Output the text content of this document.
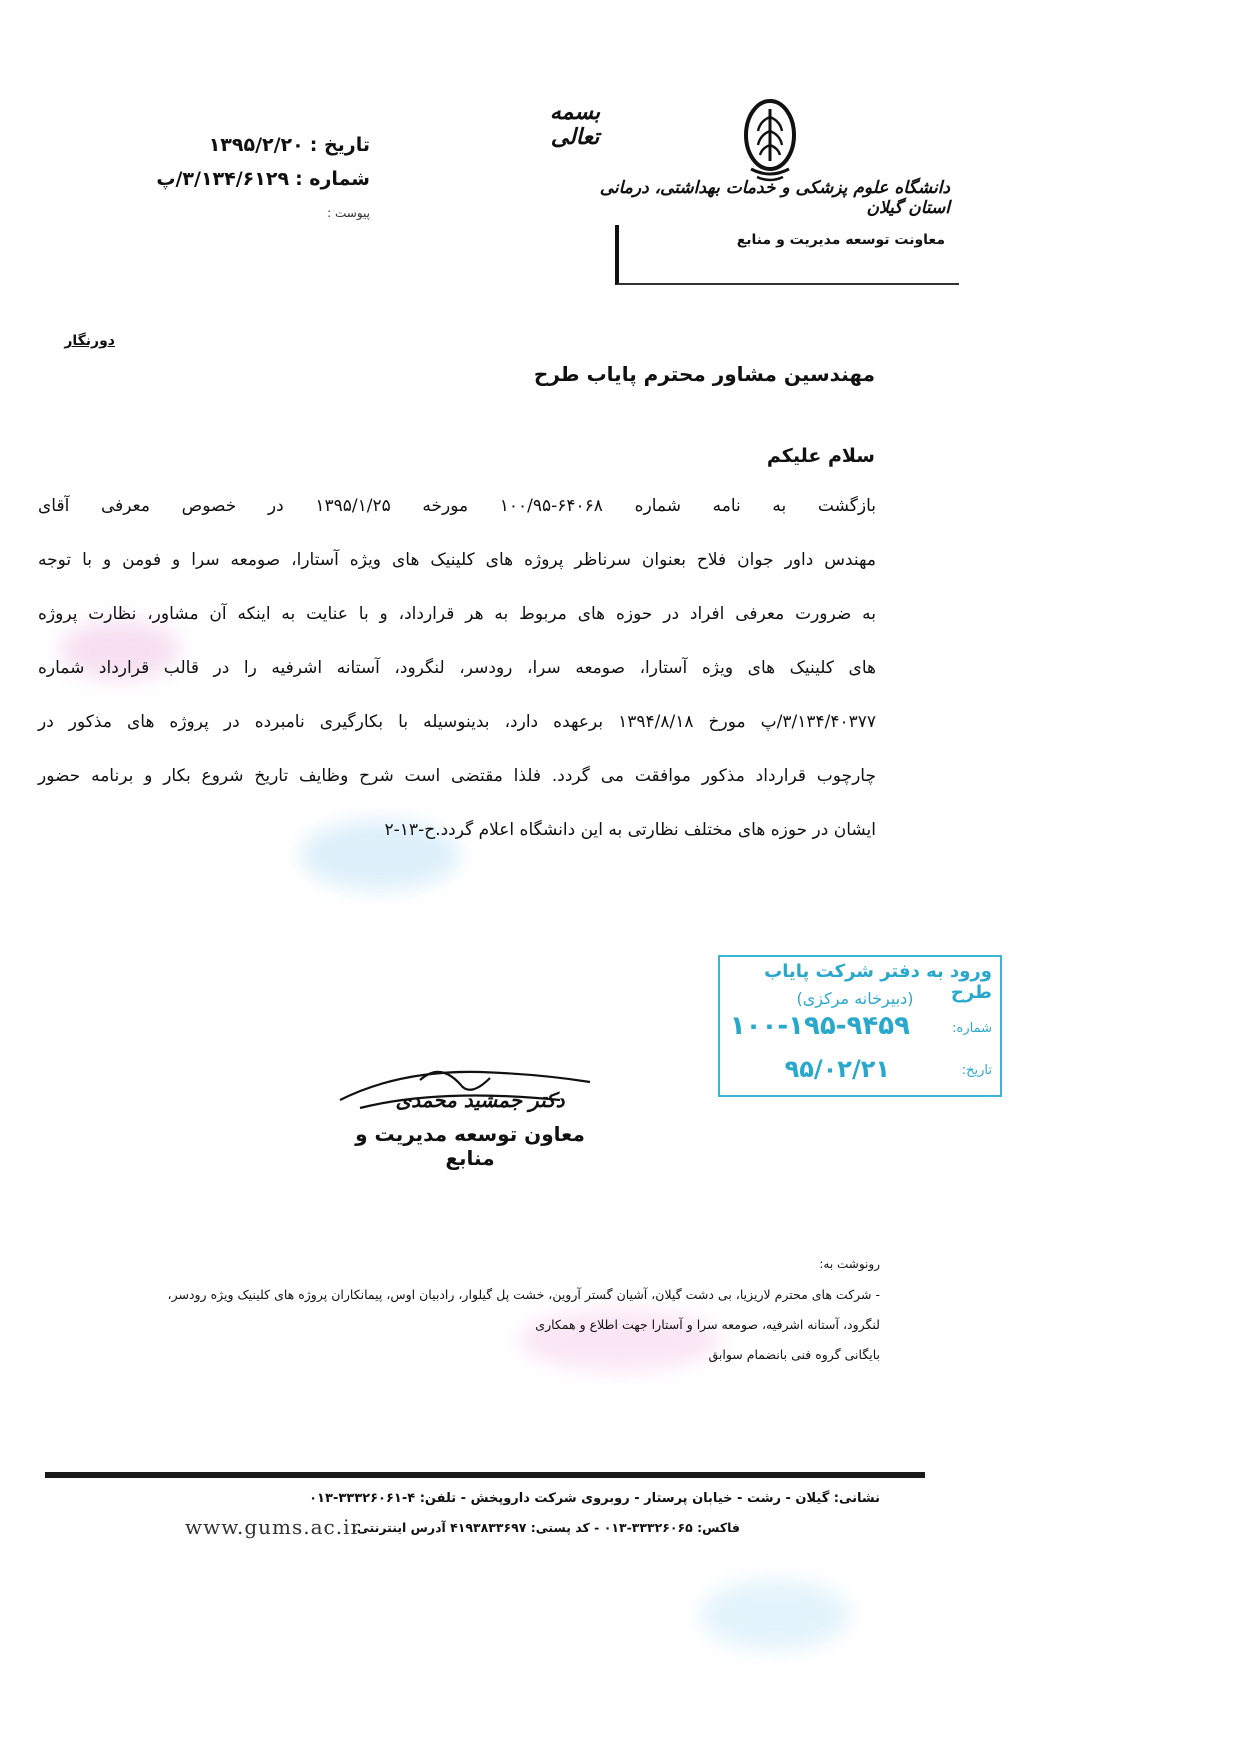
بسمه تعالی
دانشگاه علوم پزشکی و خدمات بهداشتی، درمانی استان گیلان
معاونت توسعه مدیریت و منابع
تاریخ :
۱۳۹۵/۲/۲۰
شماره :
۳/۱۳۴/۶۱۲۹/پ
پیوست :
دورنگار
مهندسین مشاور محترم پایاب طرح
سلام علیکم

بازگشت به نامه شماره ۶۴۰۶۸-۱۰۰/۹۵ مورخه ۱۳۹۵/۱/۲۵ در خصوص معرفی آقای

مهندس داور جوان فلاح بعنوان سرناظر پروژه های کلینیک های ویژه آستارا، صومعه سرا و فومن و با توجه

به ضرورت معرفی افراد در حوزه های مربوط به هر قرارداد، و با عنایت به اینکه آن مشاور، نظارت پروژه

های کلینیک های ویژه آستارا، صومعه سرا، رودسر، لنگرود، آستانه اشرفیه را در قالب قرارداد شماره

۳/۱۳۴/۴۰۳۷۷/پ مورخ ۱۳۹۴/۸/۱۸ برعهده دارد، بدینوسیله با بکارگیری نامبرده در پروژه های مذکور در

چارچوب قرارداد مذکور موافقت می گردد. فلذا مقتضی است شرح وظایف تاریخ شروع بکار و برنامه حضور

ایشان در حوزه های مختلف نظارتی به این دانشگاه اعلام گردد.ح-۱۳-۲

ورود به دفتر شرکت پایاب طرح
(دبیرخانه مرکزی)
شماره:
۱۰۰-۱۹۵-۹۴۵۹
تاریخ:
۹۵/۰۲/۲۱
دکتر جمشید محمدی
معاون توسعه مدیریت و منابع
رونوشت به:
- شرکت های محترم لاریزیا، بی دشت گیلان، آشیان گستر آروین، خشت پل گیلوار، رادبیان اوس، پیمانکاران پروژه های کلینیک ویژه رودسر،
لنگرود، آستانه اشرفیه، صومعه سرا و آستارا جهت اطلاع و همکاری
بایگانی گروه فنی بانضمام سوابق
نشانی: گیلان - رشت - خیابان پرستار - روبروی شرکت داروپخش - تلفن: ۴-۳۳۳۲۶۰۶۱-۰۱۳
فاکس: ۳۳۳۲۶۰۶۵-۰۱۳ - کد پستی: ۴۱۹۳۸۳۳۶۹۷ آدرس اینترنتی:
www.gums.ac.ir
